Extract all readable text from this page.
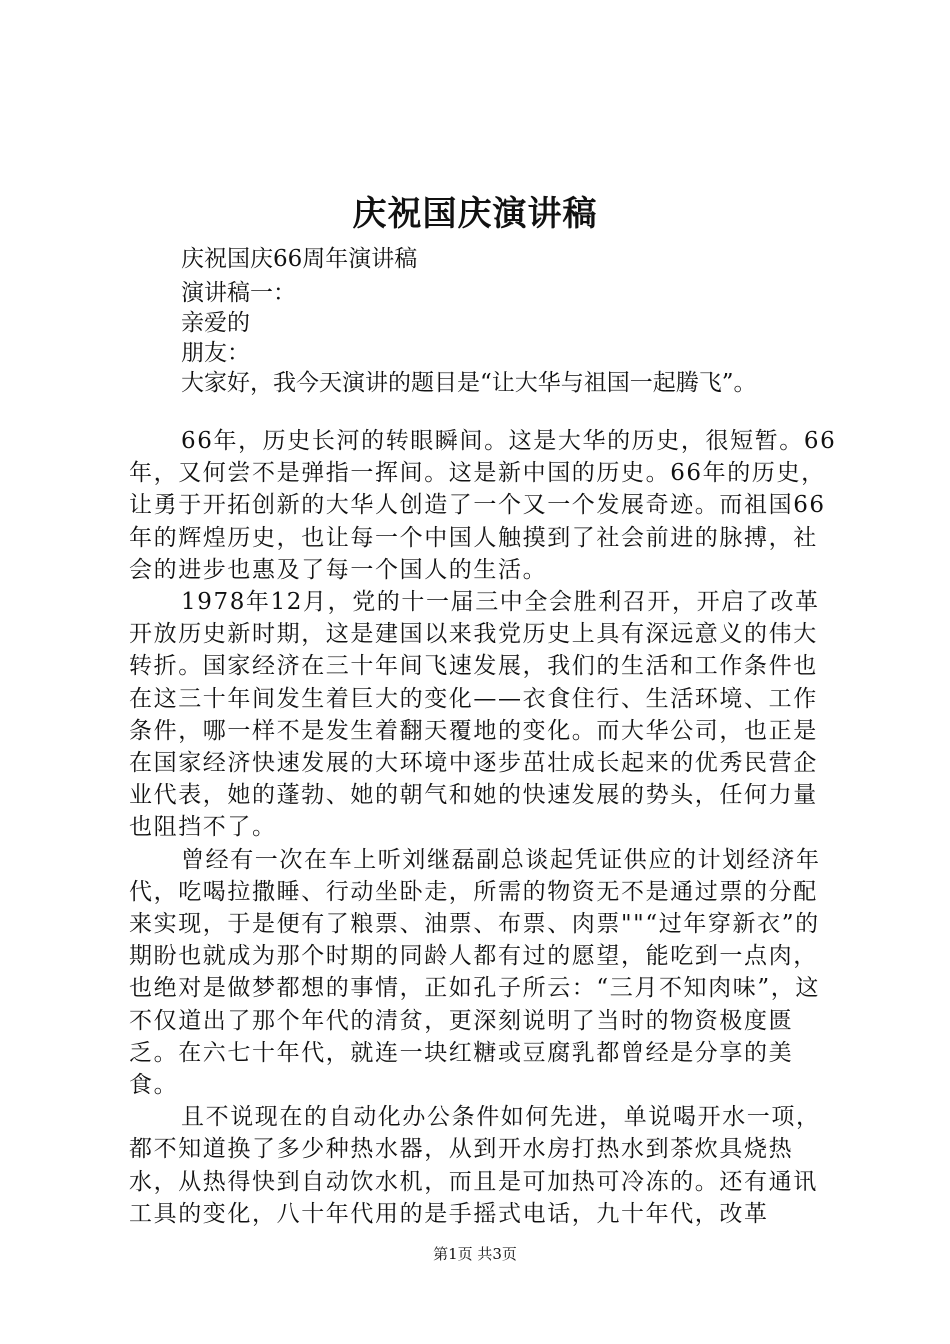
庆祝国庆演讲稿
庆祝国庆66周年演讲稿
演讲稿一：
亲爱的
朋友：
大家好，我今天演讲的题目是“让大华与祖国一起腾飞”。

66年，历史长河的转眼瞬间。这是大华的历史，很短暂。66年，又何尝不是弹指一挥间。这是新中国的历史。66年的历史，让勇于开拓创新的大华人创造了一个又一个发展奇迹。而祖国66年的辉煌历史，也让每一个中国人触摸到了社会前进的脉搏，社会的进步也惠及了每一个国人的生活。

1978年12月，党的十一届三中全会胜利召开，开启了改革开放历史新时期，这是建国以来我党历史上具有深远意义的伟大转折。国家经济在三十年间飞速发展，我们的生活和工作条件也在这三十年间发生着巨大的变化——衣食住行、生活环境、工作条件，哪一样不是发生着翻天覆地的变化。而大华公司，也正是在国家经济快速发展的大环境中逐步茁壮成长起来的优秀民营企业代表，她的蓬勃、她的朝气和她的快速发展的势头，任何力量也阻挡不了。

曾经有一次在车上听刘继磊副总谈起凭证供应的计划经济年代，吃喝拉撒睡、行动坐卧走，所需的物资无不是通过票的分配来实现，于是便有了粮票、油票、布票、肉票""“过年穿新衣”的期盼也就成为那个时期的同龄人都有过的愿望，能吃到一点肉，也绝对是做梦都想的事情，正如孔子所云：“三月不知肉味”，这不仅道出了那个年代的清贫，更深刻说明了当时的物资极度匮乏。在六七十年代，就连一块红糖或豆腐乳都曾经是分享的美食。

且不说现在的自动化办公条件如何先进，单说喝开水一项，都不知道换了多少种热水器，从到开水房打热水到茶炊具烧热水，从热得快到自动饮水机，而且是可加热可冷冻的。还有通讯工具的变化，八十年代用的是手摇式电话，九十年代，改革

第1页 共3页
